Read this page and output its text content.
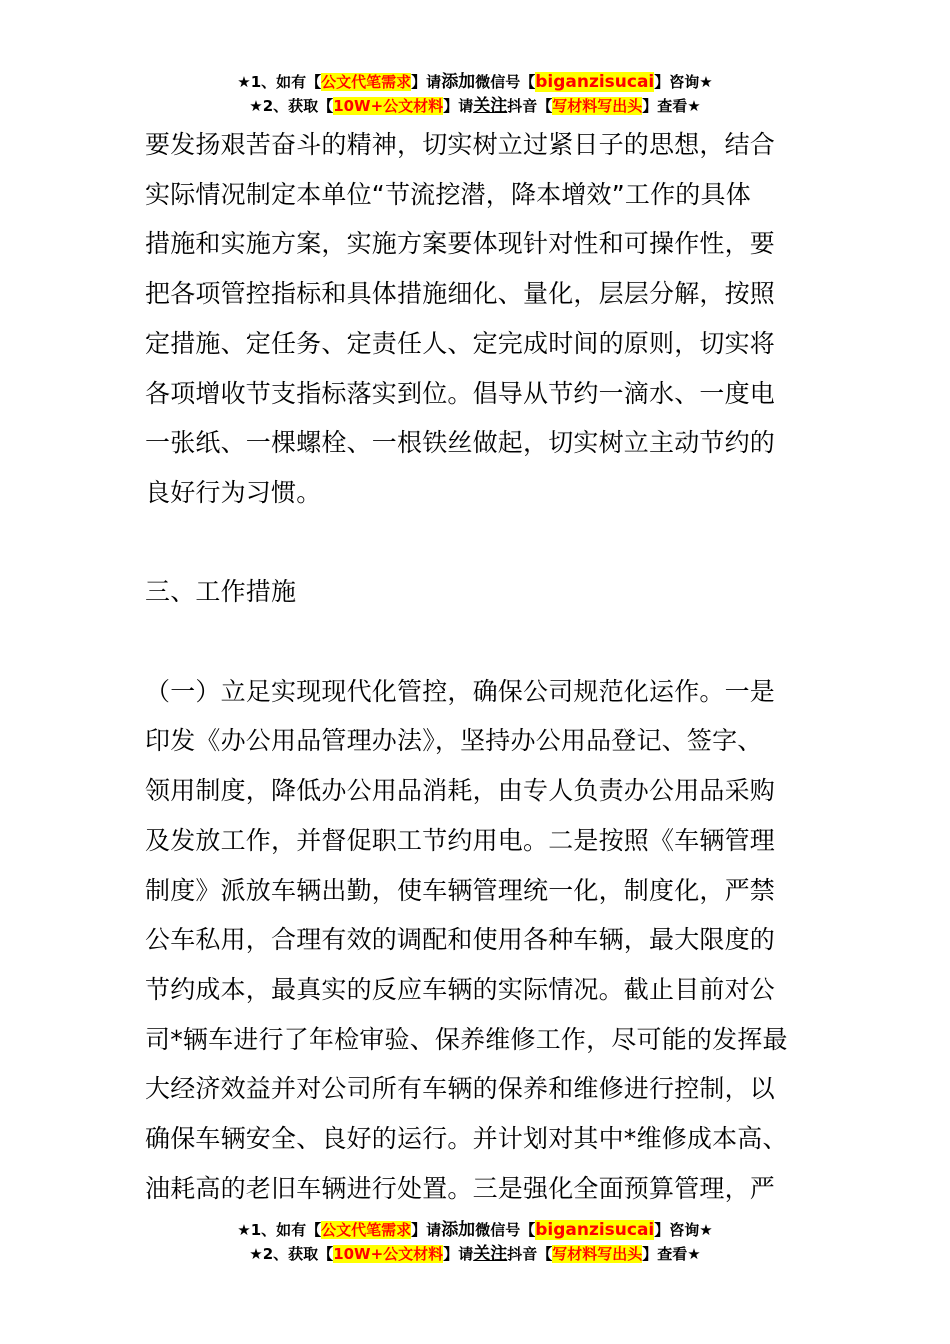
★1、如有【公文代笔需求】请添加微信号【biganzisucai】咨询★
★2、获取【10W+公文材料】请关注抖音【写材料写出头】查看★

要发扬艰苦奋斗的精神，切实树立过紧日子的思想，结合

实际情况制定本单位“节流挖潜，降本增效”工作的具体

措施和实施方案，实施方案要体现针对性和可操作性，要

把各项管控指标和具体措施细化、量化，层层分解，按照

定措施、定任务、定责任人、定完成时间的原则，切实将

各项增收节支指标落实到位。倡导从节约一滴水、一度电

一张纸、一棵螺栓、一根铁丝做起，切实树立主动节约的

良好行为习惯。

三、工作措施

（一）立足实现现代化管控，确保公司规范化运作。一是

印发《办公用品管理办法》，坚持办公用品登记、签字、

领用制度，降低办公用品消耗，由专人负责办公用品采购

及发放工作，并督促职工节约用电。二是按照《车辆管理

制度》派放车辆出勤，使车辆管理统一化，制度化，严禁

公车私用，合理有效的调配和使用各种车辆，最大限度的

节约成本，最真实的反应车辆的实际情况。截止目前对公

司*辆车进行了年检审验、保养维修工作，尽可能的发挥最

大经济效益并对公司所有车辆的保养和维修进行控制，以

确保车辆安全、良好的运行。并计划对其中*维修成本高、

油耗高的老旧车辆进行处置。三是强化全面预算管理，严

★1、如有【公文代笔需求】请添加微信号【biganzisucai】咨询★
★2、获取【10W+公文材料】请关注抖音【写材料写出头】查看★
